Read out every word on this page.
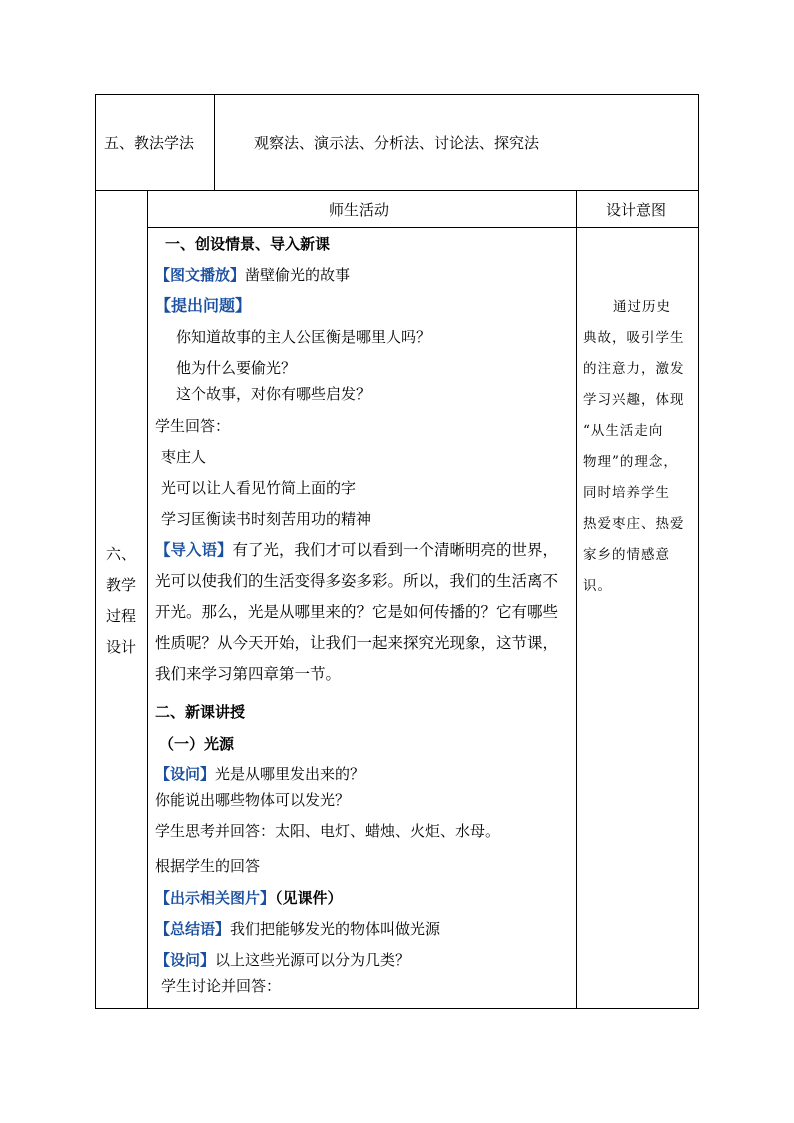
五、教法学法	观察法、演示法、分析法、讨论法、探究法
六、
教学
过程
设计
师生活动	设计意图
一、创设情景、导入新课
【图文播放】凿壁偷光的故事
【提出问题】
你知道故事的主人公匡衡是哪里人吗？
他为什么要偷光？
这个故事，对你有哪些启发？
学生回答：
枣庄人
光可以让人看见竹简上面的字
学习匡衡读书时刻苦用功的精神
【导入语】有了光，我们才可以看到一个清晰明亮的世界，
光可以使我们的生活变得多姿多彩。所以，我们的生活离不
开光。那么，光是从哪里来的？它是如何传播的？它有哪些
性质呢？从今天开始，让我们一起来探究光现象，这节课，
我们来学习第四章第一节。
二、新课讲授
（一）光源
【设问】光是从哪里发出来的？
你能说出哪些物体可以发光？
学生思考并回答：太阳、电灯、蜡烛、火炬、水母。
根据学生的回答
【出示相关图片】（见课件）
【总结语】我们把能够发光的物体叫做光源
【设问】以上这些光源可以分为几类？
学生讨论并回答：
通过历史
典故，吸引学生
的注意力，激发
学习兴趣，体现
“从生活走向
物理”的理念，
同时培养学生
热爱枣庄、热爱
家乡的情感意
识。
